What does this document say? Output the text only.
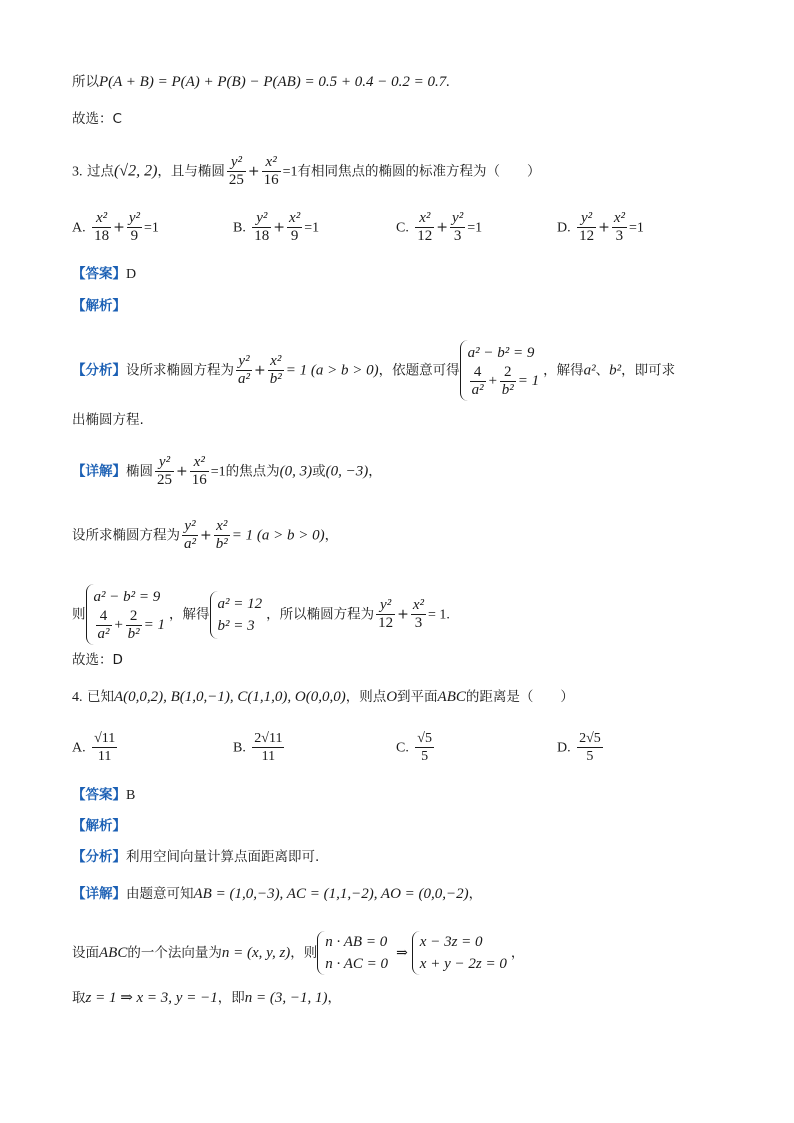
所以P(A + B) = P(A) + P(B) − P(AB) = 0.5 + 0.4 − 0.2 = 0.7.
故选：C
3. 过点(√2, 2)，且与椭圆 $\frac{\text{y²}}{25} + \frac{\text{x²}}{16} =1$有相同焦点的椭圆的标准方程为（　　）
A. $\frac{\text{x²}}{18} + \frac{\text{y²}}{9} =1$	B. $\frac{\text{y²}}{18} + \frac{\text{x²}}{9} =1$	C. $\frac{\text{x²}}{12} + \frac{\text{y²}}{3} =1$	D. $\frac{\text{y²}}{12} + \frac{\text{x²}}{3} =1$
【答案】D
【解析】
【分析】设所求椭圆方程为 $\frac{\text{y²}}{\text{a²}} + \frac{\text{x²}}{\text{b²}} = 1$ (a > b > 0)，依题意可得
a² − b² = 9
$\frac{4}{\text{a²}} + \frac{2}{\text{b²}} = 1$
，解得a²、b²，即可求
出椭圆方程.
【详解】椭圆 $\frac{\text{y²}}{25} + \frac{\text{x²}}{16} =1$的焦点为(0, 3)或(0, −3)，
设所求椭圆方程为 $\frac{\text{y²}}{\text{a²}} + \frac{\text{x²}}{\text{b²}} = 1$ (a > b > 0)，
则
a² − b² = 9
$\frac{4}{\text{a²}} + \frac{2}{\text{b²}} = 1$
，解得
a² = 12
b² = 3
，所以椭圆方程为 $\frac{\text{y²}}{12} + \frac{\text{x²}}{3} = 1$.
故选：D
4. 已知A(0,0,2), B(1,0,−1), C(1,1,0), O(0,0,0)，则点O到平面ABC的距离是（　　）
A. $\frac{√11}{11}$	B. $\frac{2√11}{11}$	C. $\frac{√5}{5}$	D. $\frac{2√5}{5}$
【答案】B
【解析】
【分析】利用空间向量计算点面距离即可.
【详解】由题意可知AB = (1,0,−3), AC = (1,1,−2), AO = (0,0,−2)，
设面ABC的一个法向量为n = (x, y, z)，则
n · AB = 0
n · AC = 0
⇒
x − 3z = 0
x + y − 2z = 0
，
取z = 1 ⇒ x = 3, y = −1，即n = (3, −1, 1)，
